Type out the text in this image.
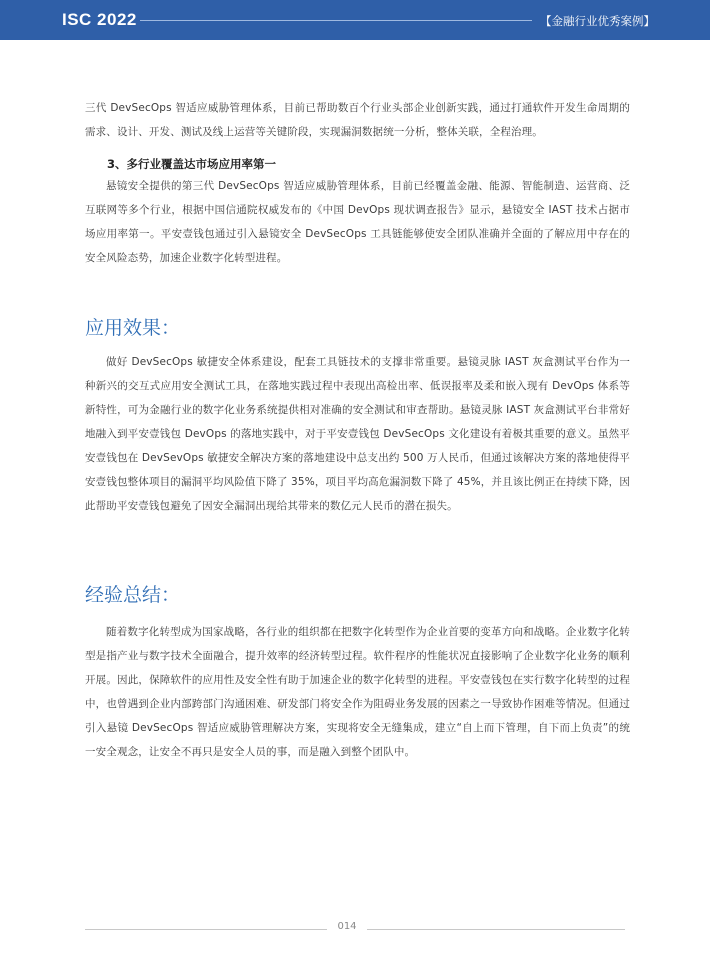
ISC 2022	【金融行业优秀案例】

三代 DevSecOps 智适应威胁管理体系，目前已帮助数百个行业头部企业创新实践，通过打通软件开发生命周期的需求、设计、开发、测试及线上运营等关键阶段，实现漏洞数据统一分析，整体关联，全程治理。

3、多行业覆盖达市场应用率第一

悬镜安全提供的第三代 DevSecOps 智适应威胁管理体系，目前已经覆盖金融、能源、智能制造、运营商、泛互联网等多个行业，根据中国信通院权威发布的《中国 DevOps 现状调查报告》显示，悬镜安全 IAST 技术占据市场应用率第一。平安壹钱包通过引入悬镜安全 DevSecOps 工具链能够使安全团队准确并全面的了解应用中存在的安全风险态势，加速企业数字化转型进程。

应用效果：

做好 DevSecOps 敏捷安全体系建设，配套工具链技术的支撑非常重要。悬镜灵脉 IAST 灰盒测试平台作为一种新兴的交互式应用安全测试工具，在落地实践过程中表现出高检出率、低误报率及柔和嵌入现有 DevOps 体系等新特性，可为金融行业的数字化业务系统提供相对准确的安全测试和审查帮助。悬镜灵脉 IAST 灰盒测试平台非常好地融入到平安壹钱包 DevOps 的落地实践中，对于平安壹钱包 DevSecOps 文化建设有着极其重要的意义。虽然平安壹钱包在 DevSevOps 敏捷安全解决方案的落地建设中总支出约 500 万人民币，但通过该解决方案的落地使得平安壹钱包整体项目的漏洞平均风险值下降了 35%，项目平均高危漏洞数下降了 45%，并且该比例正在持续下降，因此帮助平安壹钱包避免了因安全漏洞出现给其带来的数亿元人民币的潜在损失。

经验总结：

随着数字化转型成为国家战略，各行业的组织都在把数字化转型作为企业首要的变革方向和战略。企业数字化转型是指产业与数字技术全面融合，提升效率的经济转型过程。软件程序的性能状况直接影响了企业数字化业务的顺利开展。因此，保障软件的应用性及安全性有助于加速企业的数字化转型的进程。平安壹钱包在实行数字化转型的过程中，也曾遇到企业内部跨部门沟通困难、研发部门将安全作为阻碍业务发展的因素之一导致协作困难等情况。但通过引入悬镜 DevSecOps 智适应威胁管理解决方案，实现将安全无缝集成，建立“自上而下管理，自下而上负责”的统一安全观念，让安全不再只是安全人员的事，而是融入到整个团队中。

014
